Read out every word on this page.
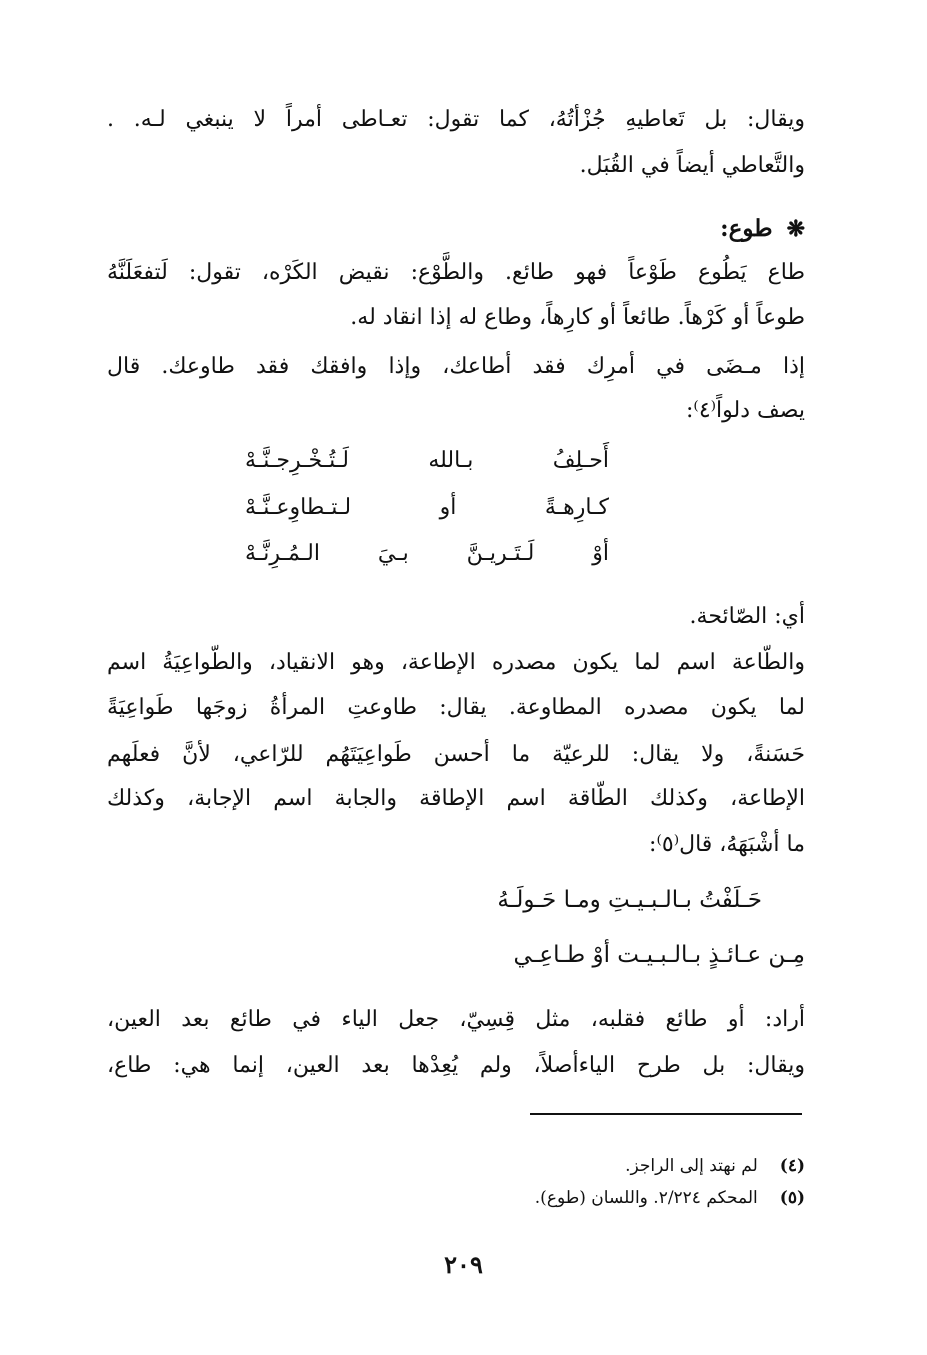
ويقال: بل تَعاطيهِ جُزْأتُهُ، كما تقول: تعـاطى أمراً لا ينبغي لـه. .
والتَّعاطي أيضاً في القُبَل.
❋طوع:
طاع يَطُوع طَوْعاً فهو طائع. والطَّوْع: نقيض الكَرْه، تقول: لَتفعَلَنَّهُ
طوعاً أو كَرْهاً. طائعاً أو كارِهاً، وطاع له إذا انقاد له.
إذا مـضَى في أمرِك فقد أطاعك، وإذا وافقك فقد طاوعك. قال
يصف دلواً⁽٤⁾:
أَحـلِفُ
بـالله
لَـتُـخْـرِجـنَّـهْ
كـارِهـةً
أو
لـتـطاوِعـنَّـهْ
أوْ
لَـتَـريـنَّ
بـيَ
الـمُـرِنَّـهْ
أي: الصّائحة.
والطّاعة اسم لما يكون مصدره الإطاعة، وهو الانقياد، والطّواعِيَةُ اسم
لما يكون مصدره المطاوعة. يقال: طاوعتِ المرأةُ زوجَها طَواعِيَةً
حَسَنةً، ولا يقال: للرعيّة ما أحسن طَواعِيَتَهُم للرّاعي، لأنَّ فعلَهم
الإطاعة، وكذلك الطّاقة اسم الإطاقة والجابة اسم الإجابة، وكذلك
ما أشْبَهَهُ، قال⁽٥⁾:
حَـلَفْتُ بـالـبـيـتِ ومـا حَـولَـهُ
مِـن عـائـذٍ بـالـبـيـت أوْ طـاعِـي
أراد: أو طائع فقلبه، مثل قِسِيّ، جعل الياء في طائع بعد العين،
ويقال: بل طرح الياءأصلاً، ولم يُعِدْها بعد العين، إنما هي: طاع،
(٤)لم نهتد إلى الراجز.
(٥)المحكم ٢/٢٢٤. واللسان (طوع).
٢٠٩
